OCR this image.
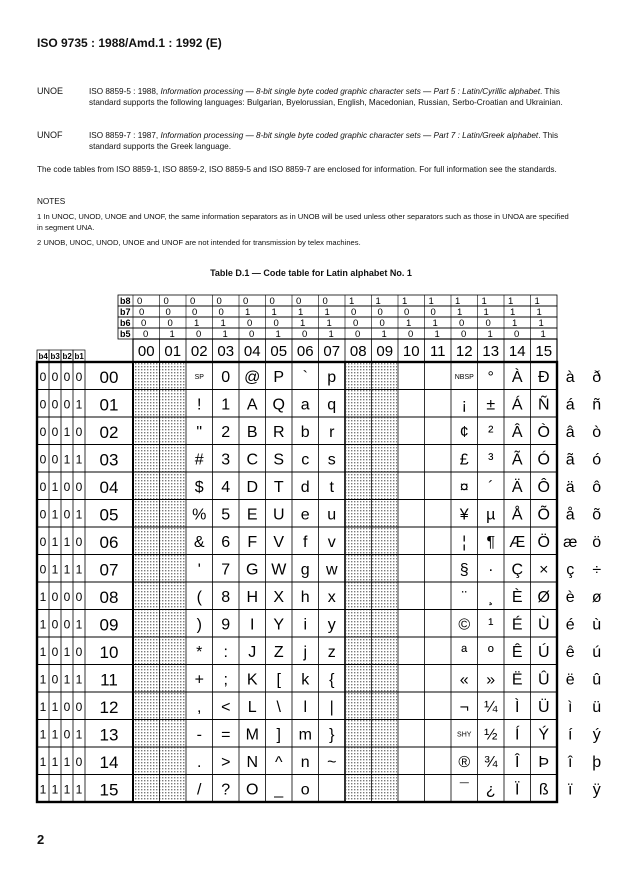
ISO 9735 : 1988/Amd.1 : 1992 (E)
UNOE	ISO 8859-5 : 1988, Information processing — 8-bit single byte coded graphic character sets — Part 5 : Latin/Cyrillic alphabet. This standard supports the following languages: Bulgarian, Byelorussian, English, Macedonian, Russian, Serbo-Croatian and Ukrainian.
UNOF	ISO 8859-7 : 1987, Information processing — 8-bit single byte coded graphic character sets — Part 7 : Latin/Greek alphabet. This standard supports the Greek language.
The code tables from ISO 8859-1, ISO 8859-2, ISO 8859-5 and ISO 8859-7 are enclosed for information. For full information see the standards.
NOTES
1 In UNOC, UNOD, UNOE and UNOF, the same information separators as in UNOB will be used unless other separators such as those in UNOA are specified in segment UNA.
2 UNOB, UNOC, UNOD, UNOE and UNOF are not intended for transmission by telex machines.
Table D.1 — Code table for Latin alphabet No. 1
b8 0 0 0 0 0 0 0 0 1 1 1 1 1 1 1 1
b7 0 0 0 0 1 1 1 1 0 0 0 0 1 1 1 1
b6 0 0 1 1 0 0 1 1 0 0 1 1 0 0 1 1
b5 0 1 0 1 0 1 0 1 0 1 0 1 0 1 0 1
00 01 02 03 04 05 06 07 08 09 10 11 12 13 14 15
b4 b3 b2 b1
0 0 0 0 00	SP 0 @ P ` p	NBSP ° À Ð à ð
0 0 0 1 01	! 1 A Q a q	¡ ± Á Ñ á ñ
0 0 1 0 02	" 2 B R b r	¢ ² Â Ò â ò
0 0 1 1 03	# 3 C S c s	£ ³ Ã Ó ã ó
0 1 0 0 04	$ 4 D T d t	¤ ´ Ä Ô ä ô
0 1 0 1 05	% 5 E U e u	¥ µ Å Õ å õ
0 1 1 0 06	& 6 F V f v	¦ ¶ Æ Ö æ ö
0 1 1 1 07	' 7 G W g w	§ · Ç × ç ÷
1 0 0 0 08	( 8 H X h x	¨ ¸ È Ø è ø
1 0 0 1 09	) 9 I Y i y	© ¹ É Ù é ù
1 0 1 0 10	* : J Z j z	ª º Ê Ú ê ú
1 0 1 1 11	+ ; K [ k {	« » Ë Û ë û
1 1 0 0 12	, < L \ l |	¬ ¼ Ì Ü ì ü
1 1 0 1 13	- = M ] m }	SHY ½ Í Ý í ý
1 1 1 0 14	. > N ^ n ~	® ¾ Î Þ î þ
1 1 1 1 15	/ ? O _ o	¯ ¿ Ï ß ï ÿ
2
